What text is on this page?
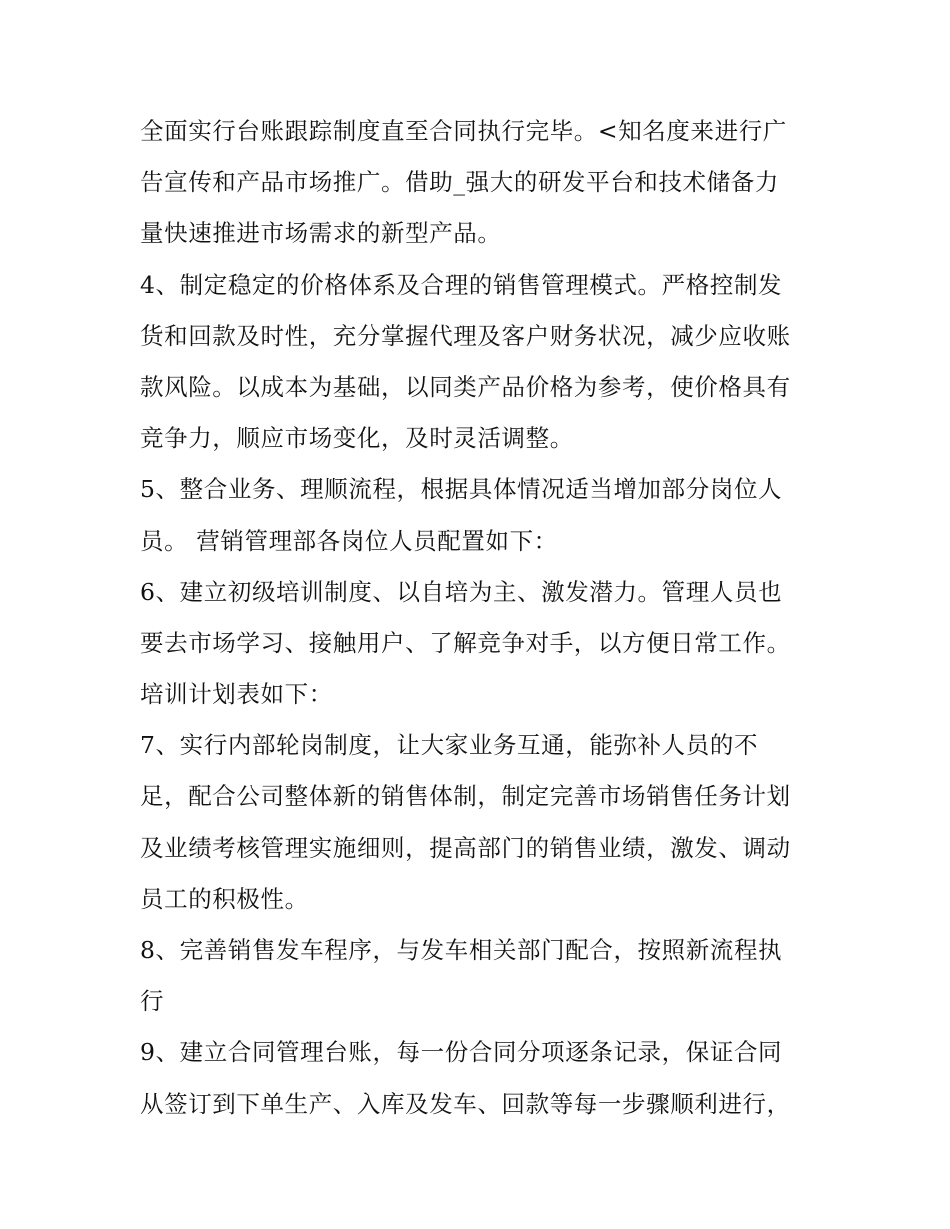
全面实行台账跟踪制度直至合同执行完毕。<知名度来进行广
告宣传和产品市场推广。借助_强大的研发平台和技术储备力
量快速推进市场需求的新型产品。
4、制定稳定的价格体系及合理的销售管理模式。严格控制发
货和回款及时性，充分掌握代理及客户财务状况，减少应收账
款风险。以成本为基础，以同类产品价格为参考，使价格具有
竞争力，顺应市场变化，及时灵活调整。
5、整合业务、理顺流程，根据具体情况适当增加部分岗位人
员。 营销管理部各岗位人员配置如下：
6、建立初级培训制度、以自培为主、激发潜力。管理人员也
要去市场学习、接触用户、了解竞争对手，以方便日常工作。
培训计划表如下：
7、实行内部轮岗制度，让大家业务互通，能弥补人员的不
足，配合公司整体新的销售体制，制定完善市场销售任务计划
及业绩考核管理实施细则，提高部门的销售业绩，激发、调动
员工的积极性。
8、完善销售发车程序，与发车相关部门配合，按照新流程执
行
9、建立合同管理台账，每一份合同分项逐条记录，保证合同
从签订到下单生产、入库及发车、回款等每一步骤顺利进行，
